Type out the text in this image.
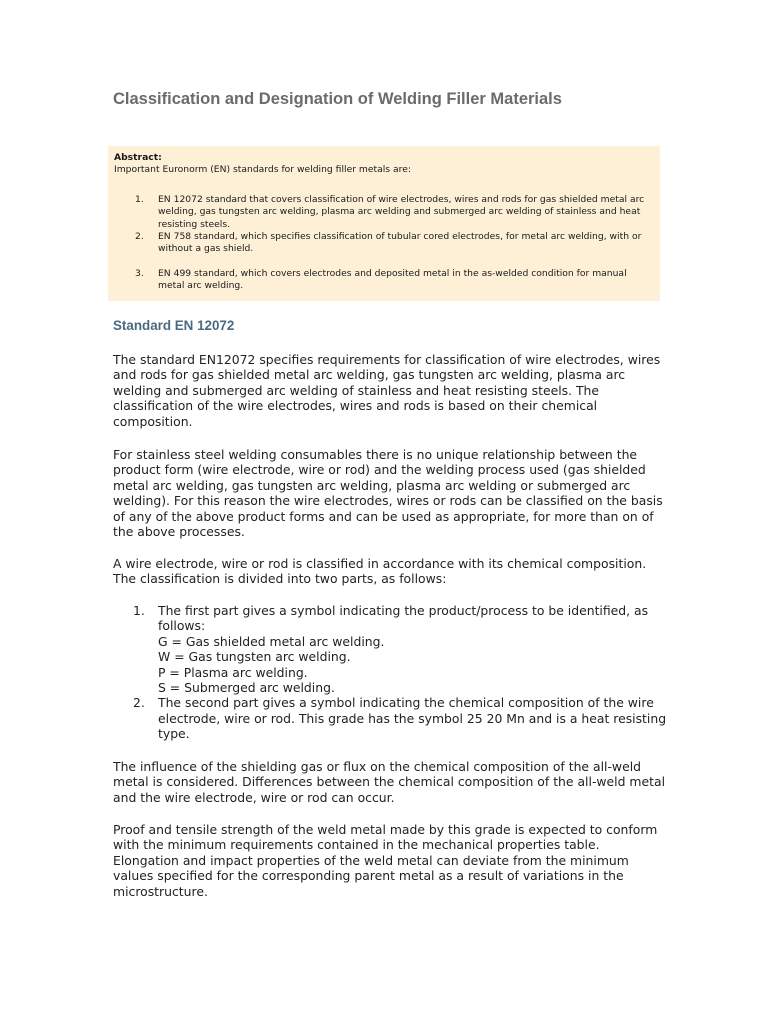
Classification and Designation of Welding Filler Materials

Abstract:

Important Euronorm (EN) standards for welding filler metals are:

1. EN 12072 standard that covers classification of wire electrodes, wires and rods for gas shielded metal arc welding, gas tungsten arc welding, plasma arc welding and submerged arc welding of stainless and heat resisting steels.
2. EN 758 standard, which specifies classification of tubular cored electrodes, for metal arc welding, with or without a gas shield.
3. EN 499 standard, which covers electrodes and deposited metal in the as-welded condition for manual metal arc welding.
Standard EN 12072

The standard EN12072 specifies requirements for classification of wire electrodes, wires and rods for gas shielded metal arc welding, gas tungsten arc welding, plasma arc welding and submerged arc welding of stainless and heat resisting steels. The classification of the wire electrodes, wires and rods is based on their chemical composition.

For stainless steel welding consumables there is no unique relationship between the product form (wire electrode, wire or rod) and the welding process used (gas shielded metal arc welding, gas tungsten arc welding, plasma arc welding or submerged arc welding). For this reason the wire electrodes, wires or rods can be classified on the basis of any of the above product forms and can be used as appropriate, for more than on of the above processes.

A wire electrode, wire or rod is classified in accordance with its chemical composition. The classification is divided into two parts, as follows:

1. The first part gives a symbol indicating the product/process to be identified, as follows:
G = Gas shielded metal arc welding.
W = Gas tungsten arc welding.
P = Plasma arc welding.
S = Submerged arc welding.
2. The second part gives a symbol indicating the chemical composition of the wire electrode, wire or rod. This grade has the symbol 25 20 Mn and is a heat resisting type.

The influence of the shielding gas or flux on the chemical composition of the all-weld metal is considered. Differences between the chemical composition of the all-weld metal and the wire electrode, wire or rod can occur.

Proof and tensile strength of the weld metal made by this grade is expected to conform with the minimum requirements contained in the mechanical properties table. Elongation and impact properties of the weld metal can deviate from the minimum values specified for the corresponding parent metal as a result of variations in the microstructure.
